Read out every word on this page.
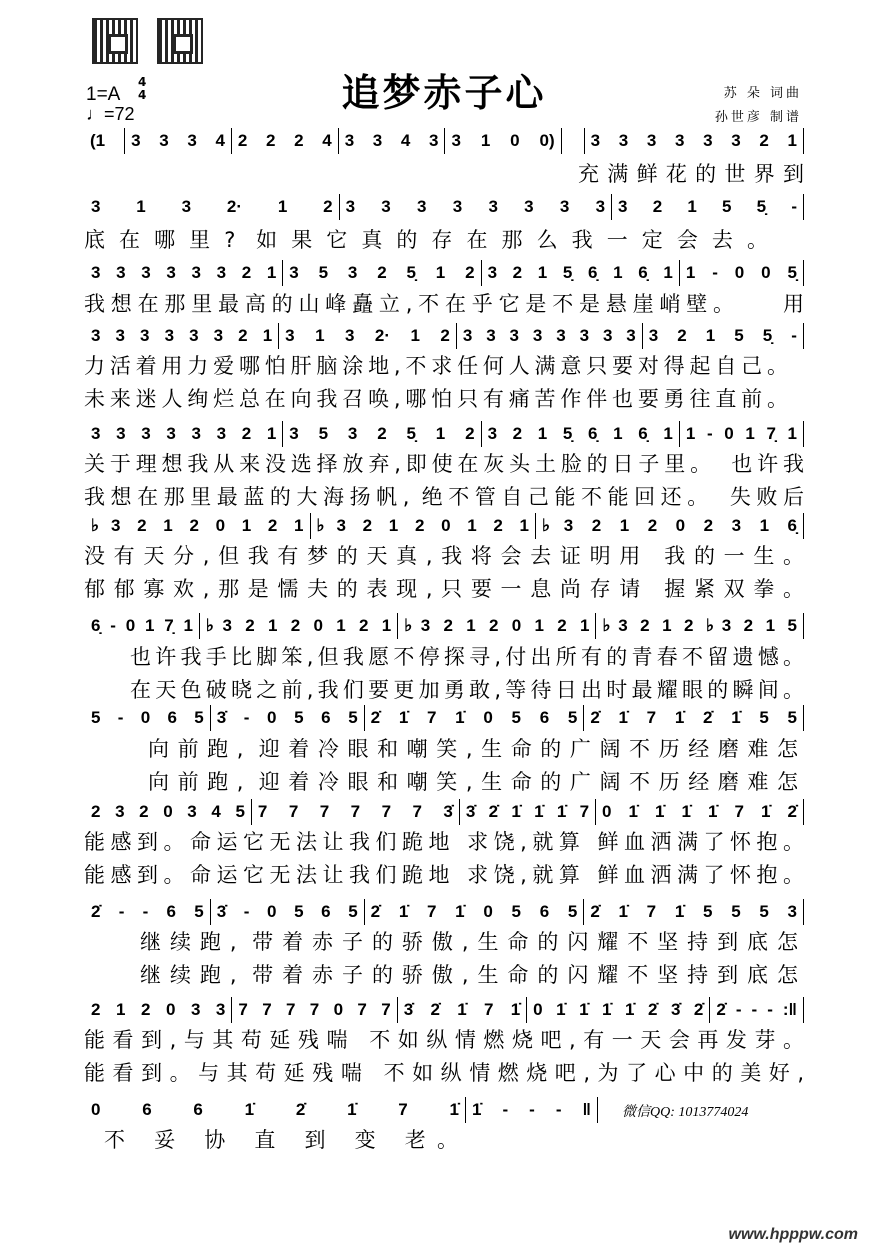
追梦赤子心
1=A
4
4
♩=72
苏 朵 词曲
孙世彦 制谱
(1	3 3 3 4 2 2 2 4 3 3 4 3 3 1 0 0)	3 3 3 3 3 3 2 1
充满鲜花的世界到
3 1 3 2· 1 2 3 3 3 3 3 3 3 3 3 2 1 5 5̣ -
底在哪里? 如果它真的存在那么我一定会去。
3 3 3 3 3 3 2 1 3 5 3 2 5̣ 1 2 3 2 1 5̣ 6̣ 1 6̣ 1 1 - 0 0 5̣
我想在那里最高的山峰矗立,不在乎它是不是悬崖峭壁。　　用
3 3 3 3 3 3 2 1 3 1 3 2· 1 2 3 3 3 3 3 3 3 3 3 2 1 5 5̣ -
力活着用力爱哪怕肝脑涂地,不求任何人满意只要对得起自己。
未来迷人绚烂总在向我召唤,哪怕只有痛苦作伴也要勇往直前。
3 3 3 3 3 3 2 1 3 5 3 2 5̣ 1 2 3 2 1 5̣ 6̣ 1 6̣ 1 1 - 0 1 7̣ 1
关于理想我从来没选择放弃,即使在灰头土脸的日子里。　也许我
我想在那里最蓝的大海扬帆, 绝不管自己能不能回还。　失败后
♭3 2 1 2 0 1 2 1 ♭3 2 1 2 0 1 2 1 ♭3 2 1 2 0 2 3 1 6̣
没有天分,但我有梦的天真,我将会去证明用 我的一生。
郁郁寡欢,那是懦夫的表现,只要一息尚存请 握紧双拳。
6̣ - 0 1 7̣ 1 ♭3 2 1 2 0 1 2 1 ♭3 2 1 2 0 1 2 1 ♭3 2 1 2 ♭3 2 1 5
也许我手比脚笨,但我愿不停探寻,付出所有的青春不留遗憾。
在天色破晓之前,我们要更加勇敢,等待日出时最耀眼的瞬间。
5 - 0 6 5 3̇ - 0 5 6 5 2̇ 1̇ 7 1̇ 0 5 6 5 2̇ 1̇ 7 1̇ 2̇ 1̇ 5 5
向前跑, 迎着冷眼和嘲笑,生命的广阔不历经磨难怎
向前跑, 迎着冷眼和嘲笑,生命的广阔不历经磨难怎
2 3 2 0 3 4 5 7 7 7 7 7 7 3̇ 3̇ 2̇ 1̇ 1̇ 1̇ 7 0 1̇ 1̇ 1̇ 1̇ 7 1̇ 2̇
能感到。命运它无法让我们跪地 求饶,就算 鲜血洒满了怀抱。
能感到。命运它无法让我们跪地 求饶,就算 鲜血洒满了怀抱。
2̇ - - 6 5 3̇ - 0 5 6 5 2̇ 1̇ 7 1̇ 0 5 6 5 2̇ 1̇ 7 1̇ 5 5 5 3
继续跑, 带着赤子的骄傲,生命的闪耀不坚持到底怎
继续跑, 带着赤子的骄傲,生命的闪耀不坚持到底怎
2 1 2 0 3 3 7 7 7 7 0 7 7 3̇ 2̇ 1̇ 7 1̇ 0 1̇ 1̇ 1̇ 1̇ 2̇ 3̇ 2̇ 2̇ - - - :‖
能看到,与其苟延残喘 不如纵情燃烧吧,有一天会再发芽。
能看到。与其苟延残喘 不如纵情燃烧吧,为了心中的美好,
0 6 6 1̇ 2̇ 1̇ 7 1̇ 1̇ - - - ‖
不 妥 协 直 到 变 老。
微信QQ: 1013774024
www.hpppw.com
